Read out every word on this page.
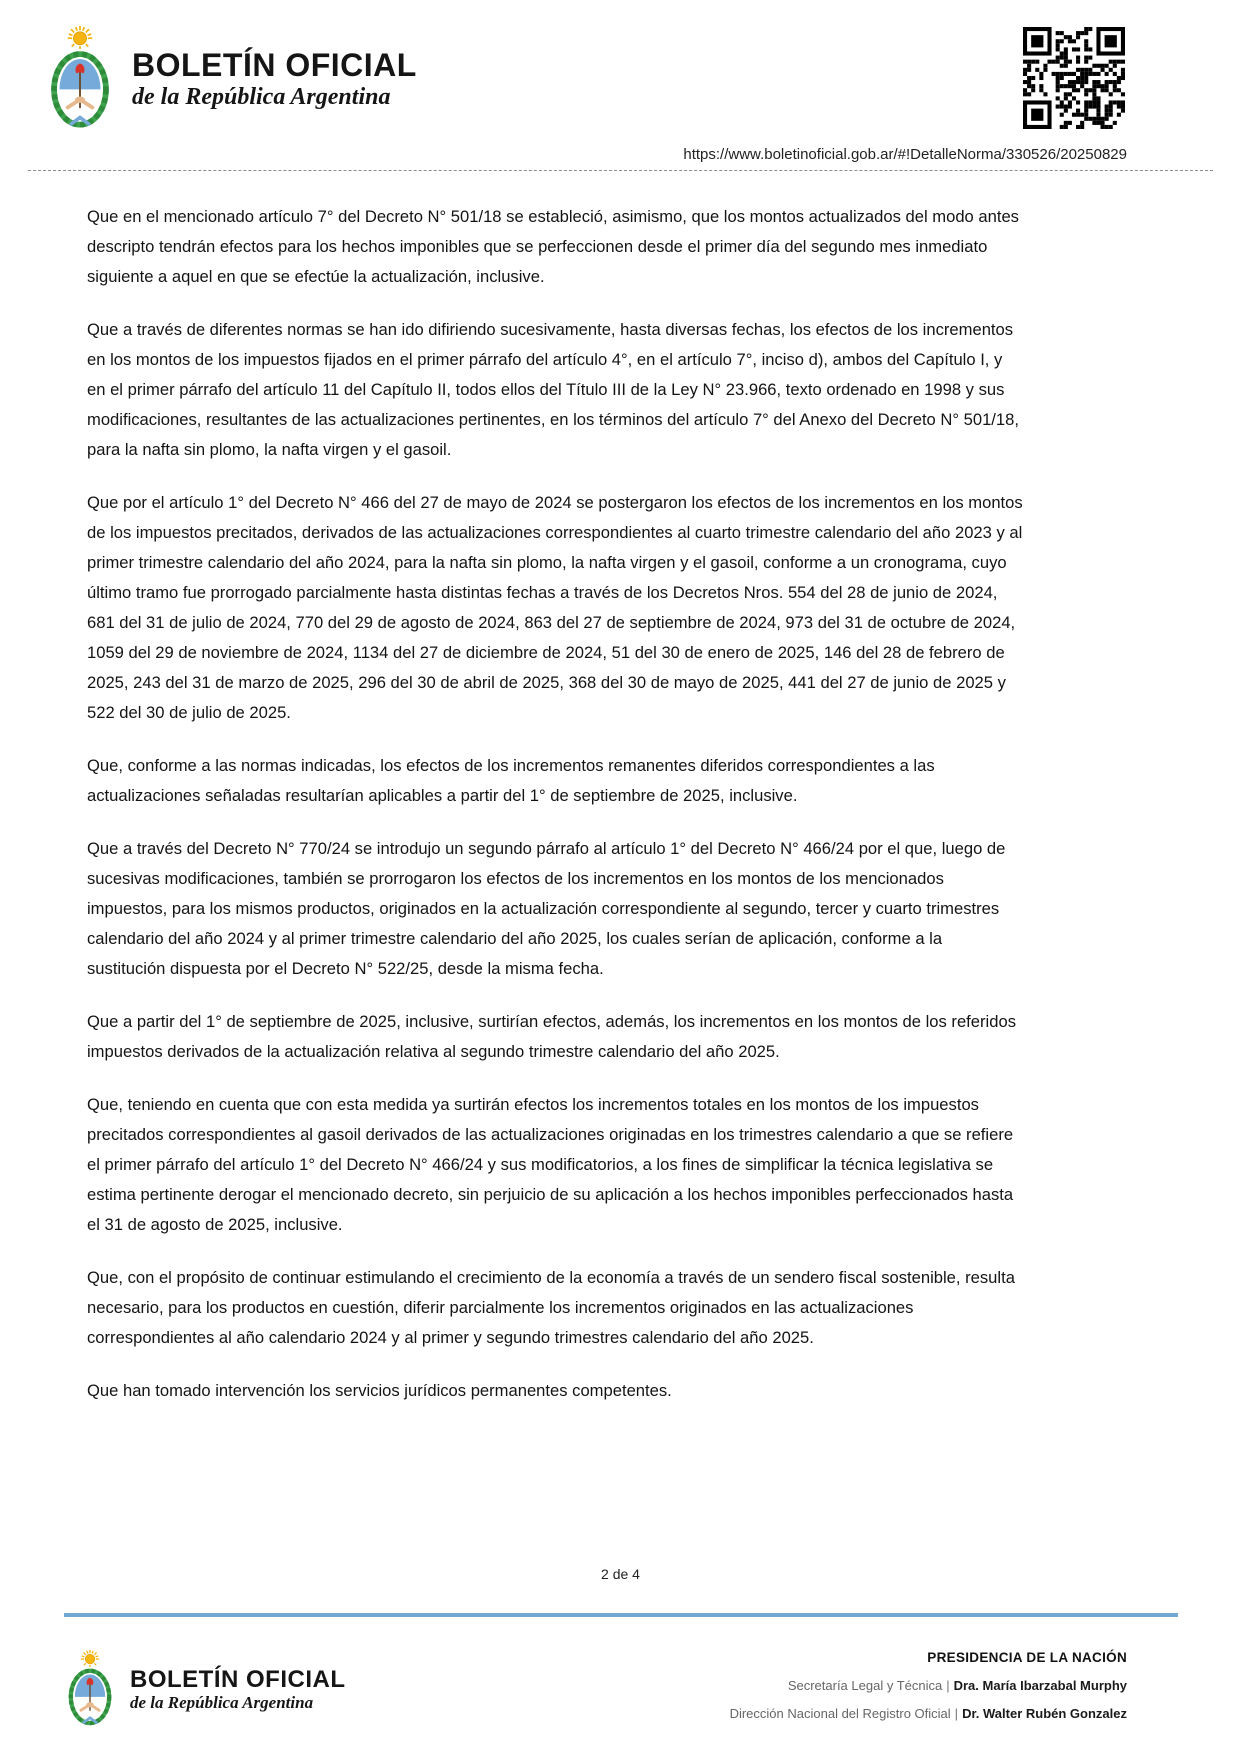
BOLETÍN OFICIAL
de la República Argentina
https://www.boletinoficial.gob.ar/#!DetalleNorma/330526/20250829

Que en el mencionado artículo 7° del Decreto N° 501/18 se estableció, asimismo, que los montos actualizados del modo antes descripto tendrán efectos para los hechos imponibles que se perfeccionen desde el primer día del segundo mes inmediato siguiente a aquel en que se efectúe la actualización, inclusive.

Que a través de diferentes normas se han ido difiriendo sucesivamente, hasta diversas fechas, los efectos de los incrementos en los montos de los impuestos fijados en el primer párrafo del artículo 4°, en el artículo 7°, inciso d), ambos del Capítulo I, y en el primer párrafo del artículo 11 del Capítulo II, todos ellos del Título III de la Ley N° 23.966, texto ordenado en 1998 y sus modificaciones, resultantes de las actualizaciones pertinentes, en los términos del artículo 7° del Anexo del Decreto N° 501/18, para la nafta sin plomo, la nafta virgen y el gasoil.

Que por el artículo 1° del Decreto N° 466 del 27 de mayo de 2024 se postergaron los efectos de los incrementos en los montos de los impuestos precitados, derivados de las actualizaciones correspondientes al cuarto trimestre calendario del año 2023 y al primer trimestre calendario del año 2024, para la nafta sin plomo, la nafta virgen y el gasoil, conforme a un cronograma, cuyo último tramo fue prorrogado parcialmente hasta distintas fechas a través de los Decretos Nros. 554 del 28 de junio de 2024, 681 del 31 de julio de 2024, 770 del 29 de agosto de 2024, 863 del 27 de septiembre de 2024, 973 del 31 de octubre de 2024, 1059 del 29 de noviembre de 2024, 1134 del 27 de diciembre de 2024, 51 del 30 de enero de 2025, 146 del 28 de febrero de 2025, 243 del 31 de marzo de 2025, 296 del 30 de abril de 2025, 368 del 30 de mayo de 2025, 441 del 27 de junio de 2025 y 522 del 30 de julio de 2025.

Que, conforme a las normas indicadas, los efectos de los incrementos remanentes diferidos correspondientes a las actualizaciones señaladas resultarían aplicables a partir del 1° de septiembre de 2025, inclusive.

Que a través del Decreto N° 770/24 se introdujo un segundo párrafo al artículo 1° del Decreto N° 466/24 por el que, luego de sucesivas modificaciones, también se prorrogaron los efectos de los incrementos en los montos de los mencionados impuestos, para los mismos productos, originados en la actualización correspondiente al segundo, tercer y cuarto trimestres calendario del año 2024 y al primer trimestre calendario del año 2025, los cuales serían de aplicación, conforme a la sustitución dispuesta por el Decreto N° 522/25, desde la misma fecha.

Que a partir del 1° de septiembre de 2025, inclusive, surtirían efectos, además, los incrementos en los montos de los referidos impuestos derivados de la actualización relativa al segundo trimestre calendario del año 2025.

Que, teniendo en cuenta que con esta medida ya surtirán efectos los incrementos totales en los montos de los impuestos precitados correspondientes al gasoil derivados de las actualizaciones originadas en los trimestres calendario a que se refiere el primer párrafo del artículo 1° del Decreto N° 466/24 y sus modificatorios, a los fines de simplificar la técnica legislativa se estima pertinente derogar el mencionado decreto, sin perjuicio de su aplicación a los hechos imponibles perfeccionados hasta el 31 de agosto de 2025, inclusive.

Que, con el propósito de continuar estimulando el crecimiento de la economía a través de un sendero fiscal sostenible, resulta necesario, para los productos en cuestión, diferir parcialmente los incrementos originados en las actualizaciones correspondientes al año calendario 2024 y al primer y segundo trimestres calendario del año 2025.

Que han tomado intervención los servicios jurídicos permanentes competentes.

2 de 4
BOLETÍN OFICIAL
de la República Argentina
PRESIDENCIA DE LA NACIÓN
Secretaría Legal y Técnica | Dra. María Ibarzabal Murphy
Dirección Nacional del Registro Oficial | Dr. Walter Rubén Gonzalez
